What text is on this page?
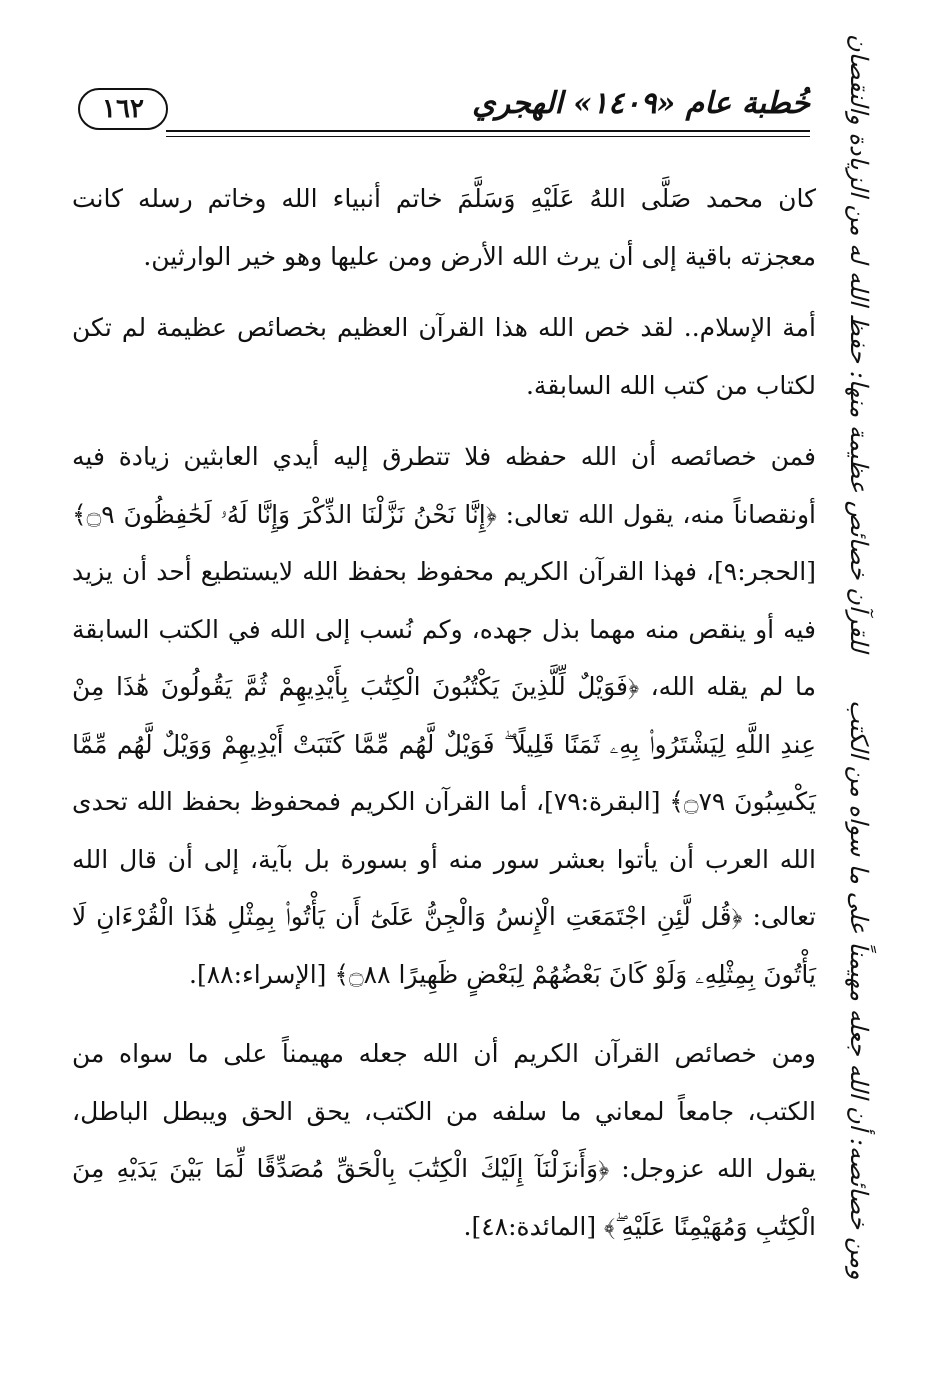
١٦٢	خُطبة عام «١٤٠٩» الهجري

كان محمد صَلَّى اللهُ عَلَيْهِ وَسَلَّمَ خاتم أنبياء الله وخاتم رسله كانت معجزته باقية إلى أن يرث الله الأرض ومن عليها وهو خير الوارثين.

أمة الإسلام.. لقد خص الله هذا القرآن العظيم بخصائص عظيمة لم تكن لكتاب من كتب الله السابقة.

فمن خصائصه أن الله حفظه فلا تتطرق إليه أيدي العابثين زيادة فيه أونقصاناً منه، يقول الله تعالى: ﴿إِنَّا نَحْنُ نَزَّلْنَا الذِّكْرَ وَإِنَّا لَهُۥ لَحَٰفِظُونَ ۝٩﴾ [الحجر:٩]، فهذا القرآن الكريم محفوظ بحفظ الله لايستطيع أحد أن يزيد فيه أو ينقص منه مهما بذل جهده، وكم نُسب إلى الله في الكتب السابقة ما لم يقله الله، ﴿فَوَيْلٌ لِّلَّذِينَ يَكْتُبُونَ الْكِتَٰبَ بِأَيْدِيهِمْ ثُمَّ يَقُولُونَ هَٰذَا مِنْ عِندِ اللَّهِ لِيَشْتَرُوا۟ بِهِۦ ثَمَنًا قَلِيلًا ۖ فَوَيْلٌ لَّهُم مِّمَّا كَتَبَتْ أَيْدِيهِمْ وَوَيْلٌ لَّهُم مِّمَّا يَكْسِبُونَ ۝٧٩﴾ [البقرة:٧٩]، أما القرآن الكريم فمحفوظ بحفظ الله تحدى الله العرب أن يأتوا بعشر سور منه أو بسورة بل بآية، إلى أن قال الله تعالى: ﴿قُل لَّئِنِ اجْتَمَعَتِ الْإِنسُ وَالْجِنُّ عَلَىٰٓ أَن يَأْتُوا۟ بِمِثْلِ هَٰذَا الْقُرْءَانِ لَا يَأْتُونَ بِمِثْلِهِۦ وَلَوْ كَانَ بَعْضُهُمْ لِبَعْضٍ ظَهِيرًا ۝٨٨﴾ [الإسراء:٨٨].

ومن خصائص القرآن الكريم أن الله جعله مهيمناً على ما سواه من الكتب، جامعاً لمعاني ما سلفه من الكتب، يحق الحق ويبطل الباطل، يقول الله عزوجل: ﴿وَأَنزَلْنَآ إِلَيْكَ الْكِتَٰبَ بِالْحَقِّ مُصَدِّقًا لِّمَا بَيْنَ يَدَيْهِ مِنَ الْكِتَٰبِ وَمُهَيْمِنًا عَلَيْهِ ۖ﴾ [المائدة:٤٨].

للقرآن خصائص عظيمة منها: حفظ الله له من الزيادة والنقصان
ومن خصائصه: أن الله جعله مهيمناً على ما سواه من الكتب
